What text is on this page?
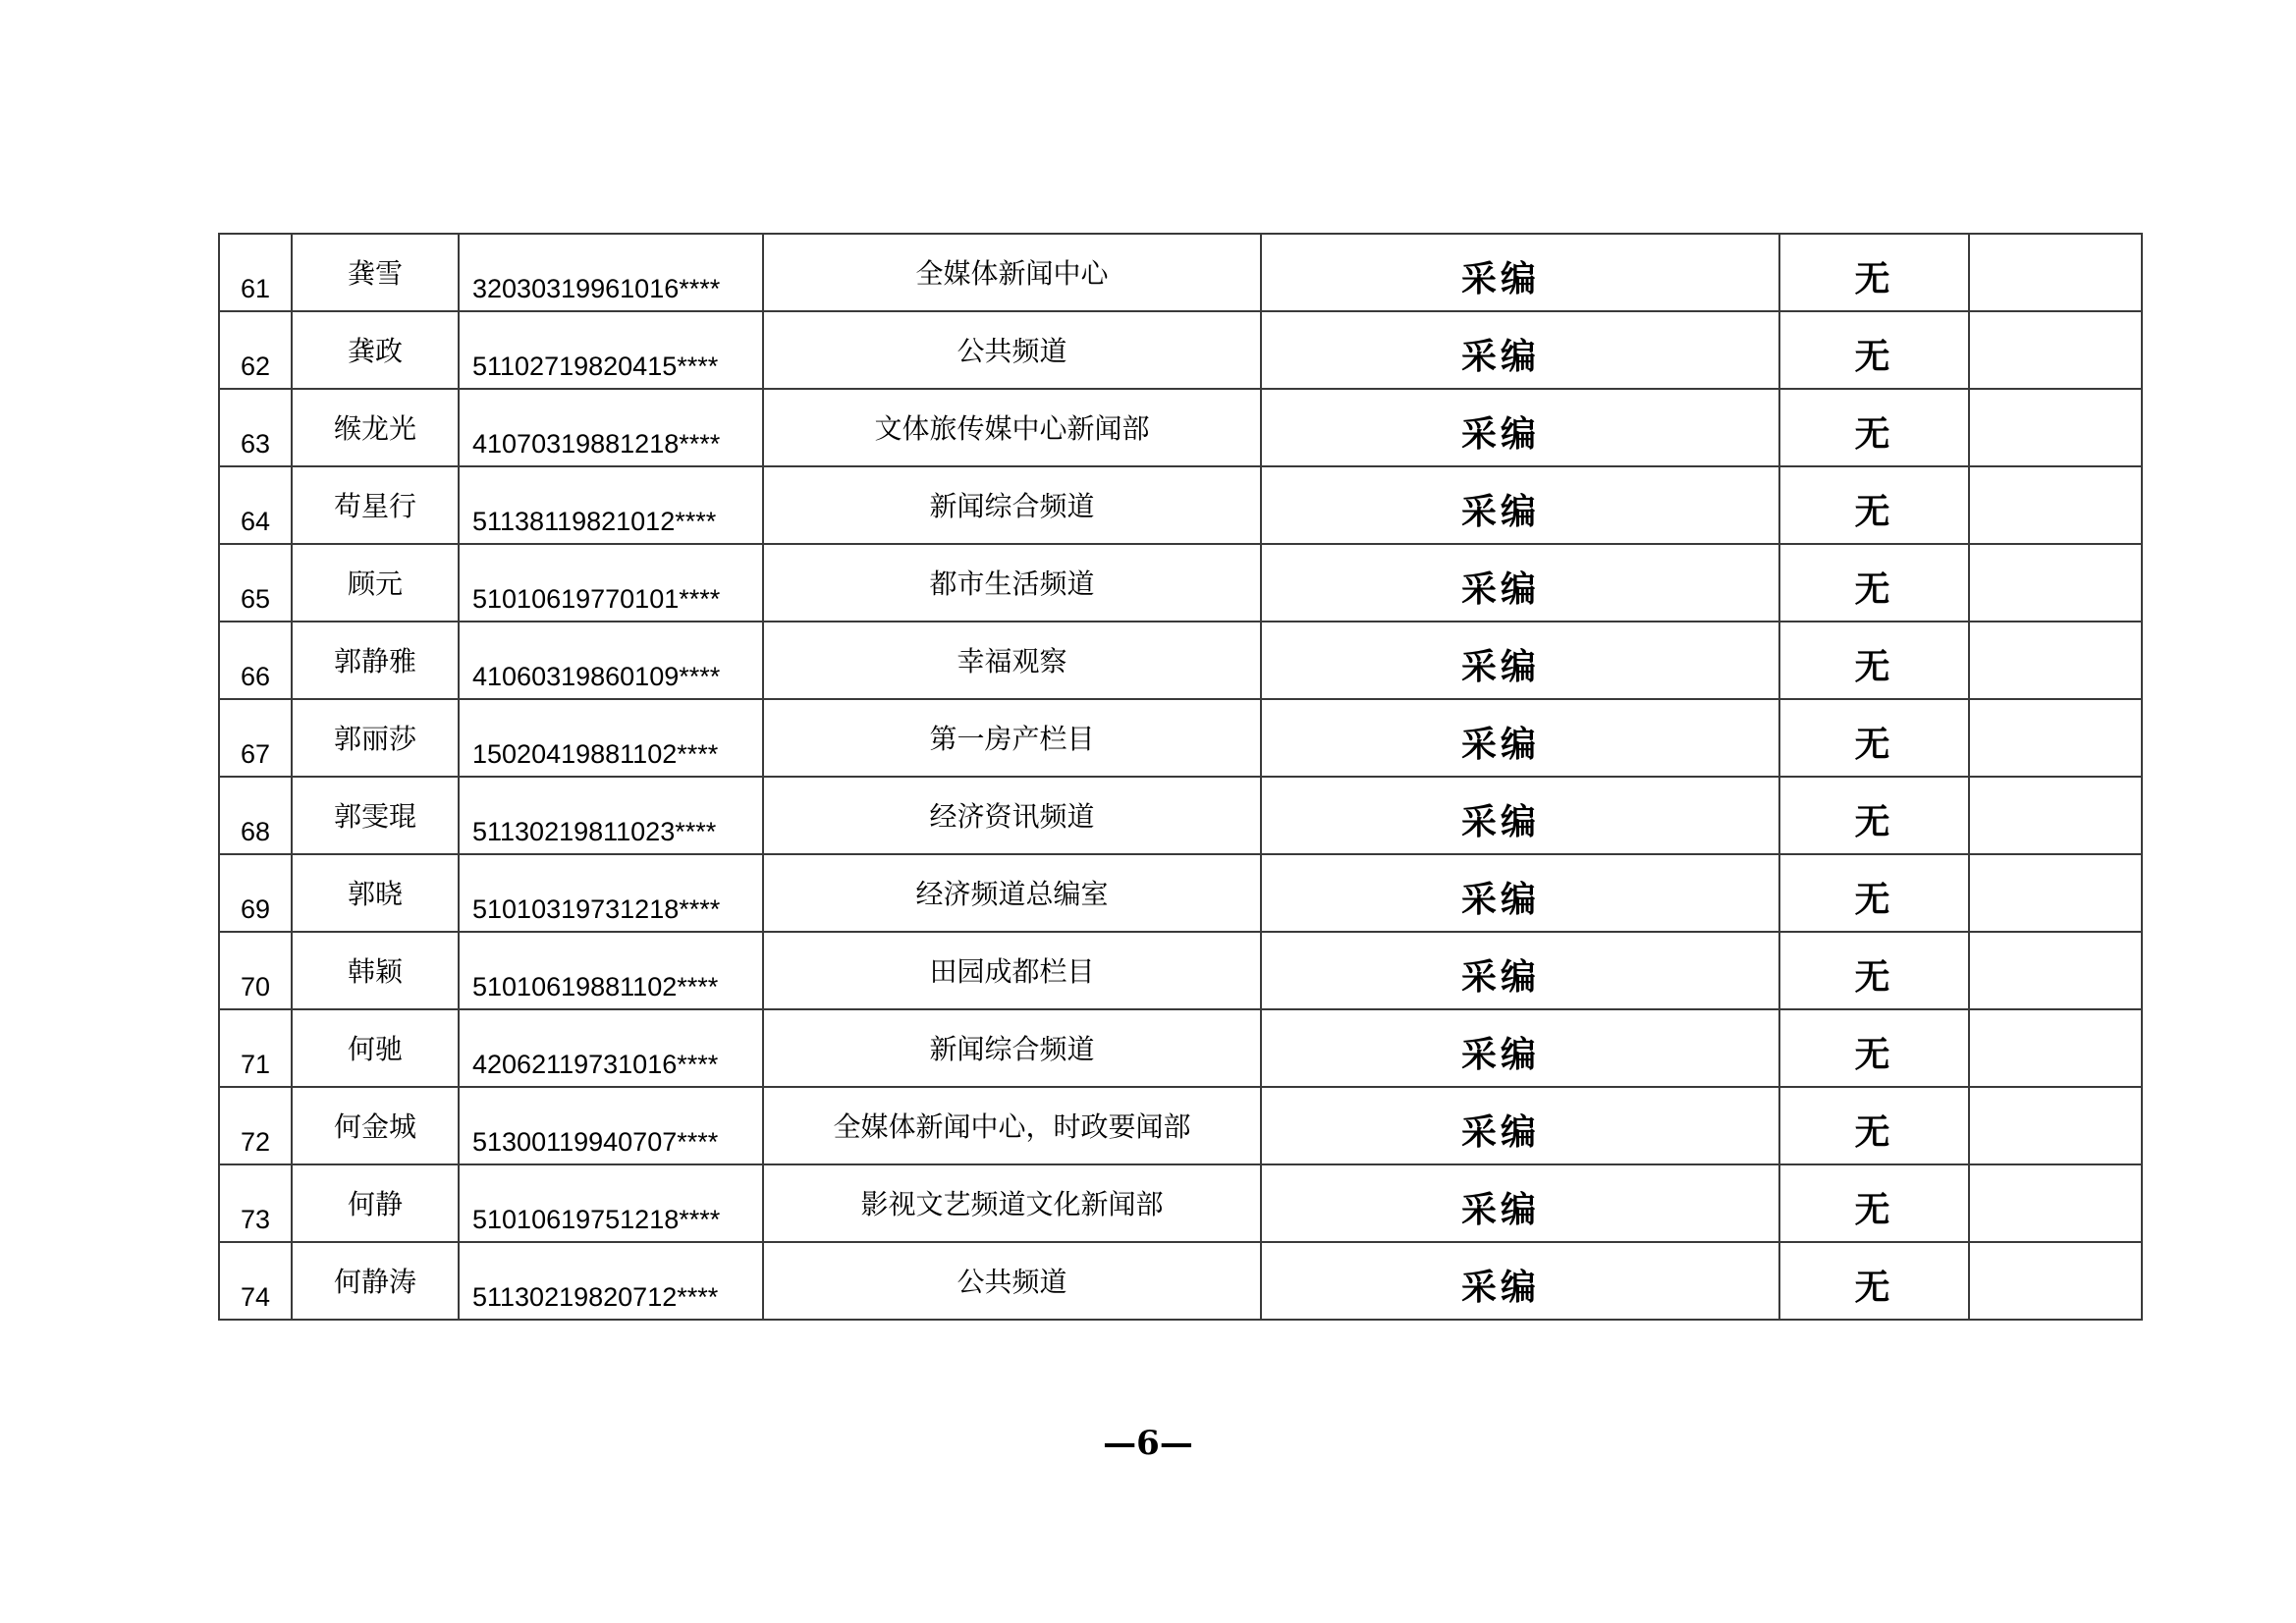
61	龚雪	32030319961016****	全媒体新闻中心	采编	无	

62	龚政	51102719820415****	公共频道	采编	无	

63	缑龙光	41070319881218****	文体旅传媒中心新闻部	采编	无	

64	苟星行	51138119821012****	新闻综合频道	采编	无	

65	顾元	51010619770101****	都市生活频道	采编	无	

66	郭静雅	41060319860109****	幸福观察	采编	无	

67	郭丽莎	15020419881102****	第一房产栏目	采编	无	

68	郭雯琨	51130219811023****	经济资讯频道	采编	无	

69	郭晓	51010319731218****	经济频道总编室	采编	无	

70	韩颖	51010619881102****	田园成都栏目	采编	无	

71	何驰	42062119731016****	新闻综合频道	采编	无	

72	何金城	51300119940707****	全媒体新闻中心，时政要闻部	采编	无	

73	何静	51010619751218****	影视文艺频道文化新闻部	采编	无	

74	何静涛	51130219820712****	公共频道	采编	无	

—6—
